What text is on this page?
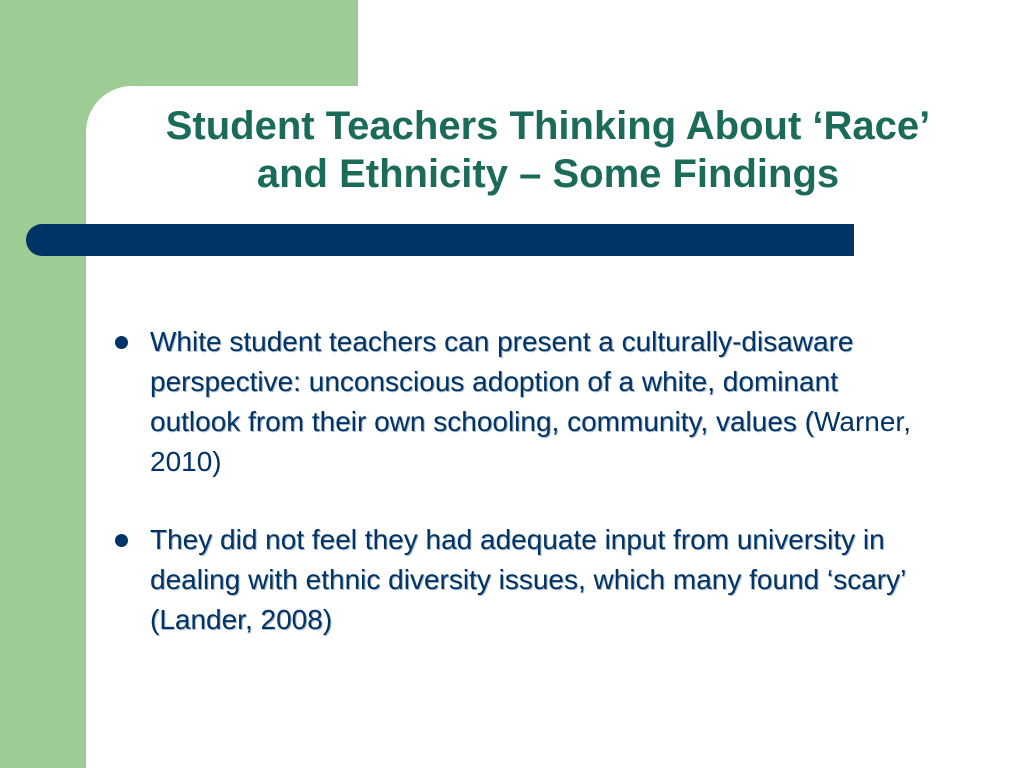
Student Teachers Thinking About ‘Race’
and Ethnicity – Some Findings
White student teachers can present a culturally-disaware perspective: unconscious adoption of a white, dominant outlook from their own schooling, community, values (Warner, 2010)
They did not feel they had adequate input from university in dealing with ethnic diversity issues, which many found ‘scary’ (Lander, 2008)
